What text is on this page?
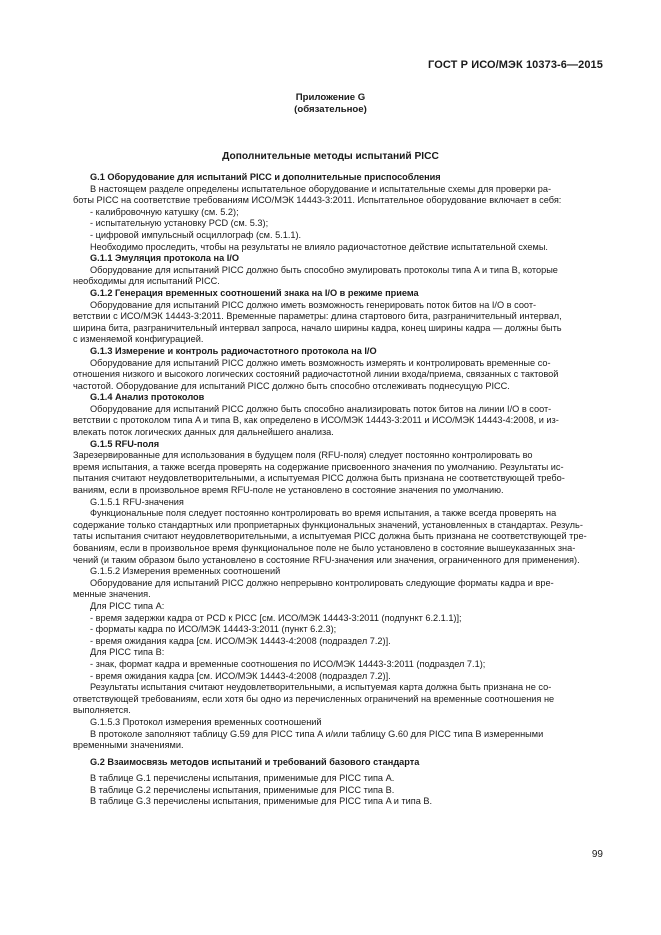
ГОСТ Р ИСО/МЭК 10373-6—2015
Приложение G
(обязательное)
Дополнительные методы испытаний PICC
G.1 Оборудование для испытаний PICC и дополнительные приспособления
В настоящем разделе определены испытательное оборудование и испытательные схемы для проверки ра-
боты PICC на соответствие требованиям ИСО/МЭК 14443-3:2011. Испытательное оборудование включает в себя:
- калибровочную катушку (см. 5.2);
- испытательную установку PCD (см. 5.3);
- цифровой импульсный осциллограф (см. 5.1.1).
Необходимо проследить, чтобы на результаты не влияло радиочастотное действие испытательной схемы.
G.1.1 Эмуляция протокола на I/O
Оборудование для испытаний PICC должно быть способно эмулировать протоколы типа A и типа B, которые
необходимы для испытаний PICC.
G.1.2 Генерация временных соотношений знака на I/O в режиме приема
Оборудование для испытаний PICC должно иметь возможность генерировать поток битов на I/O в соот-
ветствии с ИСО/МЭК 14443-3:2011. Временные параметры: длина стартового бита, разграничительный интервал,
ширина бита, разграничительный интервал запроса, начало ширины кадра, конец ширины кадра — должны быть
с изменяемой конфигурацией.
G.1.3 Измерение и контроль радиочастотного протокола на I/O
Оборудование для испытаний PICC должно иметь возможность измерять и контролировать временные со-
отношения низкого и высокого логических состояний радиочастотной линии входа/приема, связанных с тактовой
частотой. Оборудование для испытаний PICC должно быть способно отслеживать поднесущую PICC.
G.1.4 Анализ протоколов
Оборудование для испытаний PICC должно быть способно анализировать поток битов на линии I/O в соот-
ветствии с протоколом типа A и типа B, как определено в ИСО/МЭК 14443-3:2011 и ИСО/МЭК 14443-4:2008, и из-
влекать поток логических данных для дальнейшего анализа.
G.1.5 RFU-поля
Зарезервированные для использования в будущем поля (RFU-поля) следует постоянно контролировать во
время испытания, а также всегда проверять на содержание присвоенного значения по умолчанию. Результаты ис-
пытания считают неудовлетворительными, а испытуемая PICC должна быть признана не соответствующей требо-
ваниям, если в произвольное время RFU-поле не установлено в состояние значения по умолчанию.
G.1.5.1 RFU-значения
Функциональные поля следует постоянно контролировать во время испытания, а также всегда проверять на
содержание только стандартных или проприетарных функциональных значений, установленных в стандартах. Резуль-
таты испытания считают неудовлетворительными, а испытуемая PICC должна быть признана не соответствующей тре-
бованиям, если в произвольное время функциональное поле не было установлено в состояние вышеуказанных зна-
чений (и таким образом было установлено в состояние RFU-значения или значения, ограниченного для применения).
G.1.5.2 Измерения временных соотношений
Оборудование для испытаний PICC должно непрерывно контролировать следующие форматы кадра и вре-
менные значения.
Для PICC типа A:
- время задержки кадра от PCD к PICC [см. ИСО/МЭК 14443-3:2011 (подпункт 6.2.1.1)];
- форматы кадра по ИСО/МЭК 14443-3:2011 (пункт 6.2.3);
- время ожидания кадра [см. ИСО/МЭК 14443-4:2008 (подраздел 7.2)].
Для PICC типа B:
- знак, формат кадра и временные соотношения по ИСО/МЭК 14443-3:2011 (подраздел 7.1);
- время ожидания кадра [см. ИСО/МЭК 14443-4:2008 (подраздел 7.2)].
Результаты испытания считают неудовлетворительными, а испытуемая карта должна быть признана не со-
ответствующей требованиям, если хотя бы одно из перечисленных ограничений на временные соотношения не
выполняется.
G.1.5.3 Протокол измерения временных соотношений
В протоколе заполняют таблицу G.59 для PICC типа A и/или таблицу G.60 для PICC типа B измеренными
временными значениями.
G.2 Взаимосвязь методов испытаний и требований базового стандарта
В таблице G.1 перечислены испытания, применимые для PICC типа A.
В таблице G.2 перечислены испытания, применимые для PICC типа B.
В таблице G.3 перечислены испытания, применимые для PICC типа A и типа B.
99
